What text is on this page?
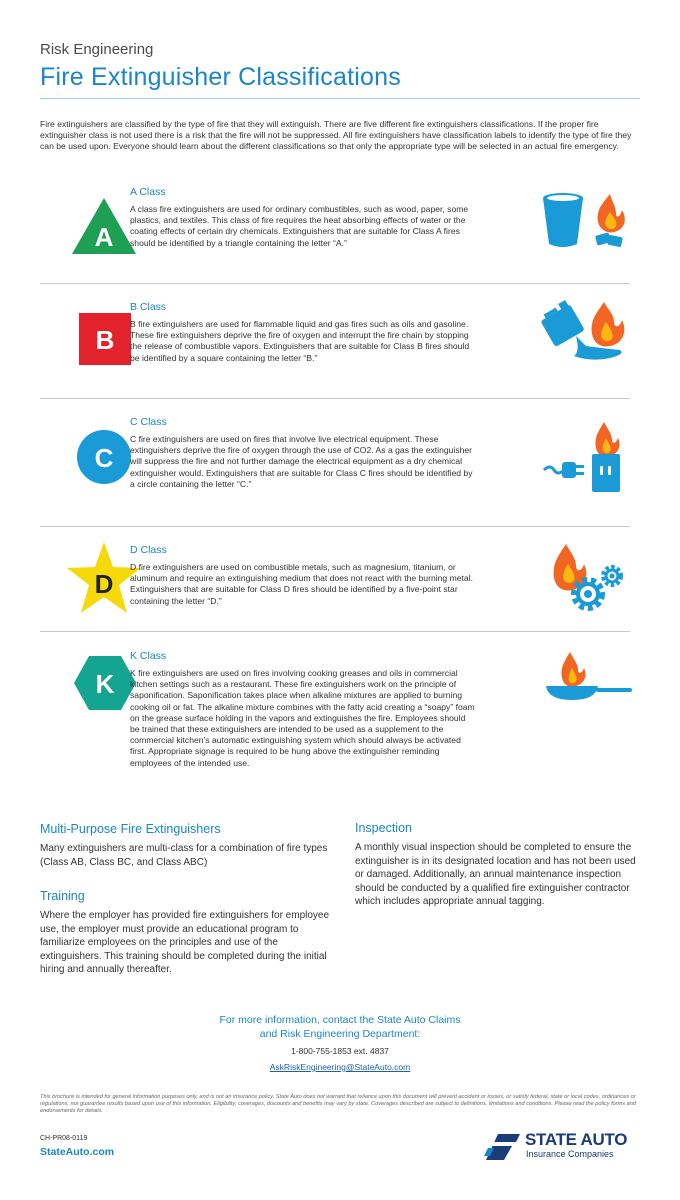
Risk Engineering
Fire Extinguisher Classifications
Fire extinguishers are classified by the type of fire that they will extinguish. There are five different fire extinguishers classifications. If the proper fire extinguisher class is not used there is a risk that the fire will not be suppressed. All fire extinguishers have classification labels to identify the type of fire they can be used upon. Everyone should learn about the different classifications so that only the appropriate type will be selected in an actual fire emergency.
A
A Class
A class fire extinguishers are used for ordinary combustibles, such as wood, paper, some plastics, and textiles. This class of fire requires the heat absorbing effects of water or the coating effects of certain dry chemicals. Extinguishers that are suitable for Class A fires should be identified by a triangle containing the letter “A.”
B
B Class
B fire extinguishers are used for flammable liquid and gas fires such as oils and gasoline. These fire extinguishers deprive the fire of oxygen and interrupt the fire chain by stopping the release of combustible vapors. Extinguishers that are suitable for Class B fires should be identified by a square containing the letter “B.”
C
C Class
C fire extinguishers are used on fires that involve live electrical equipment. These extinguishers deprive the fire of oxygen through the use of CO2. As a gas the extinguisher will suppress the fire and not further damage the electrical equipment as a dry chemical extinguisher would. Extinguishers that are suitable for Class C fires should be identified by a circle containing the letter “C.”
D
D Class
D fire extinguishers are used on combustible metals, such as magnesium, titanium, or aluminum and require an extinguishing medium that does not react with the burning metal. Extinguishers that are suitable for Class D fires should be identified by a five-point star containing the letter “D.”
K
K Class
K fire extinguishers are used on fires involving cooking greases and oils in commercial kitchen settings such as a restaurant. These fire extinguishers work on the principle of saponification. Saponification takes place when alkaline mixtures are applied to burning cooking oil or fat. The alkaline mixture combines with the fatty acid creating a “soapy” foam on the grease surface holding in the vapors and extinguishes the fire. Employees should be trained that these extinguishers are intended to be used as a supplement to the commercial kitchen’s automatic extinguishing system which should always be activated first. Appropriate signage is required to be hung above the extinguisher reminding employees of the intended use.
Multi-Purpose Fire Extinguishers
Many extinguishers are multi-class for a combination of fire types (Class AB, Class BC, and Class ABC)
Training
Where the employer has provided fire extinguishers for employee use, the employer must provide an educational program to familiarize employees on the principles and use of the extinguishers. This training should be completed during the initial hiring and annually thereafter.
Inspection
A monthly visual inspection should be completed to ensure the extinguisher is in its designated location and has not been used or damaged. Additionally, an annual maintenance inspection should be conducted by a qualified fire extinguisher contractor which includes appropriate annual tagging.
For more information, contact the State Auto Claims
and Risk Engineering Department:
1-800-755-1853 ext. 4837
AskRiskEngineering@StateAuto.com
This brochure is intended for general information purposes only, and is not an insurance policy. State Auto does not warrant that reliance upon this document will prevent accident or losses, or satisfy federal, state or local codes, ordinances or regulations, nor guarantee results based upon use of this information. Eligibility, coverages, discounts and benefits may vary by state. Coverages described are subject to definitions, limitations and conditions. Please read the policy forms and endorsements for details.
CH-PR08-0119
StateAuto.com
STATE AUTO
Insurance Companies
